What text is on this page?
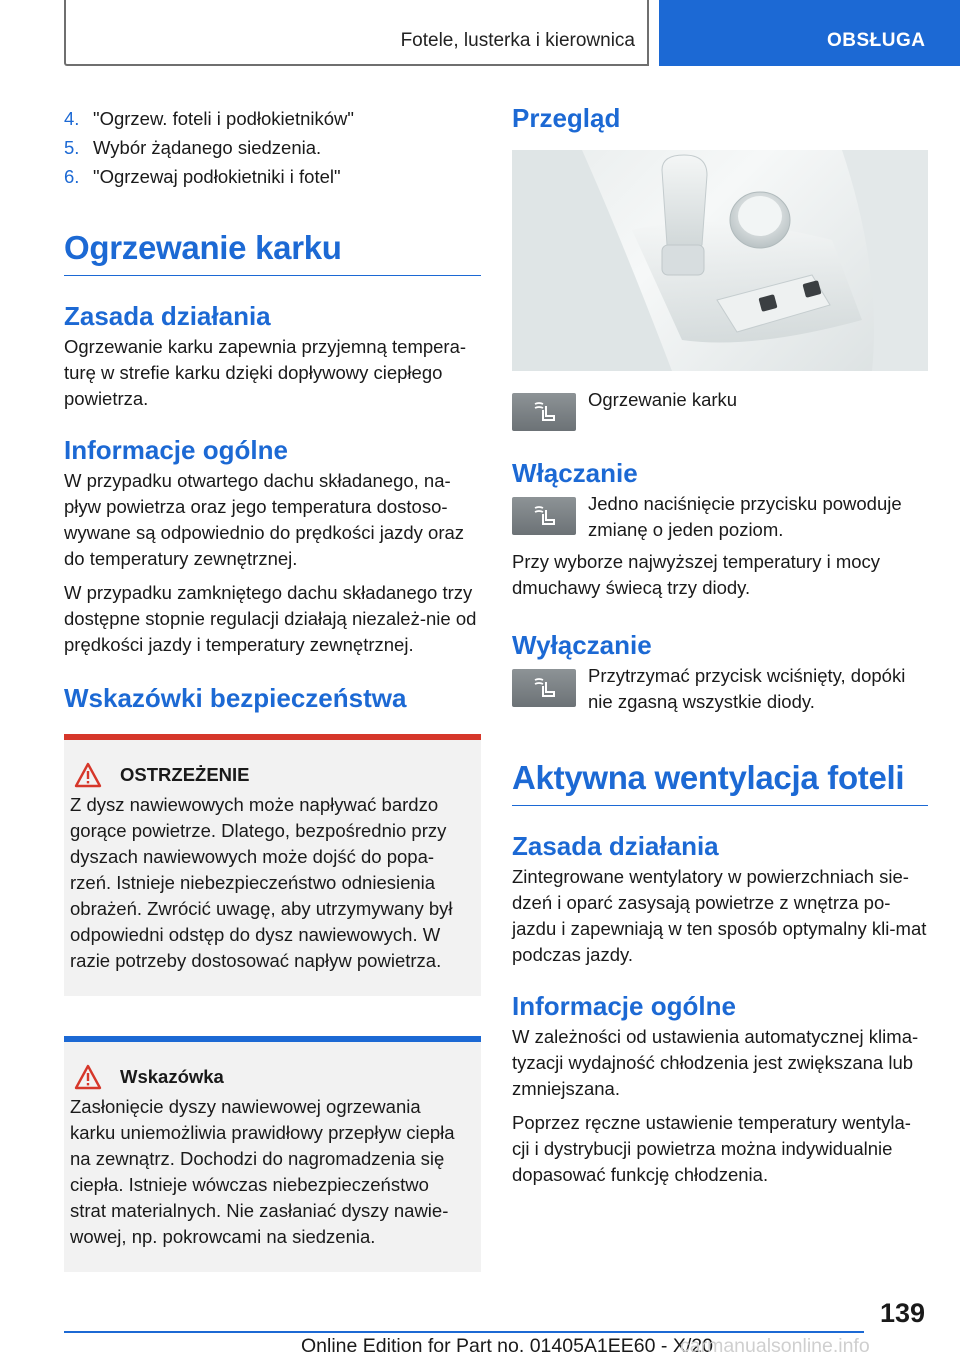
Fotele, lusterka i kierownica	OBSŁUGA
4. "Ogrzew. foteli i podłokietników"
5. Wybór żądanego siedzenia.
6. "Ogrzewaj podłokietniki i fotel"
Ogrzewanie karku
Zasada działania
Ogrzewanie karku zapewnia przyjemną tempera-turę w strefie karku dzięki dopływowy ciepłego powietrza.
Informacje ogólne
W przypadku otwartego dachu składanego, na-pływ powietrza oraz jego temperatura dostoso-wywane są odpowiednio do prędkości jazdy oraz do temperatury zewnętrznej.
W przypadku zamkniętego dachu składanego trzy dostępne stopnie regulacji działają niezależ-nie od prędkości jazdy i temperatury zewnętrznej.
Wskazówki bezpieczeństwa
OSTRZEŻENIE
Z dysz nawiewowych może napływać bardzo gorące powietrze. Dlatego, bezpośrednio przy dyszach nawiewowych może dojść do popa-rzeń. Istnieje niebezpieczeństwo odniesienia obrażeń. Zwrócić uwagę, aby utrzymywany był odpowiedni odstęp do dysz nawiewowych. W razie potrzeby dostosować napływ powietrza.
Wskazówka
Zasłonięcie dyszy nawiewowej ogrzewania karku uniemożliwia prawidłowy przepływ ciepła na zewnątrz. Dochodzi do nagromadzenia się ciepła. Istnieje wówczas niebezpieczeństwo strat materialnych. Nie zasłaniać dyszy nawie-wowej, np. pokrowcami na siedzenia.
Przegląd
Ogrzewanie karku
Włączanie
Jedno naciśnięcie przycisku powoduje zmianę o jeden poziom.
Przy wyborze najwyższej temperatury i mocy dmuchawy świecą trzy diody.
Wyłączanie
Przytrzymać przycisk wciśnięty, dopóki nie zgasną wszystkie diody.
Aktywna wentylacja foteli
Zasada działania
Zintegrowane wentylatory w powierzchniach sie-dzeń i oparć zasysają powietrze z wnętrza po-jazdu i zapewniają w ten sposób optymalny kli-mat podczas jazdy.
Informacje ogólne
W zależności od ustawienia automatycznej klima-tyzacji wydajność chłodzenia jest zwiększana lub zmniejszana.
Poprzez ręczne ustawienie temperatury wentyla-cji i dystrybucji powietrza można indywidualnie dopasować funkcję chłodzenia.
139
Online Edition for Part no. 01405A1EE60 - X/20
carmanualsonline.info
